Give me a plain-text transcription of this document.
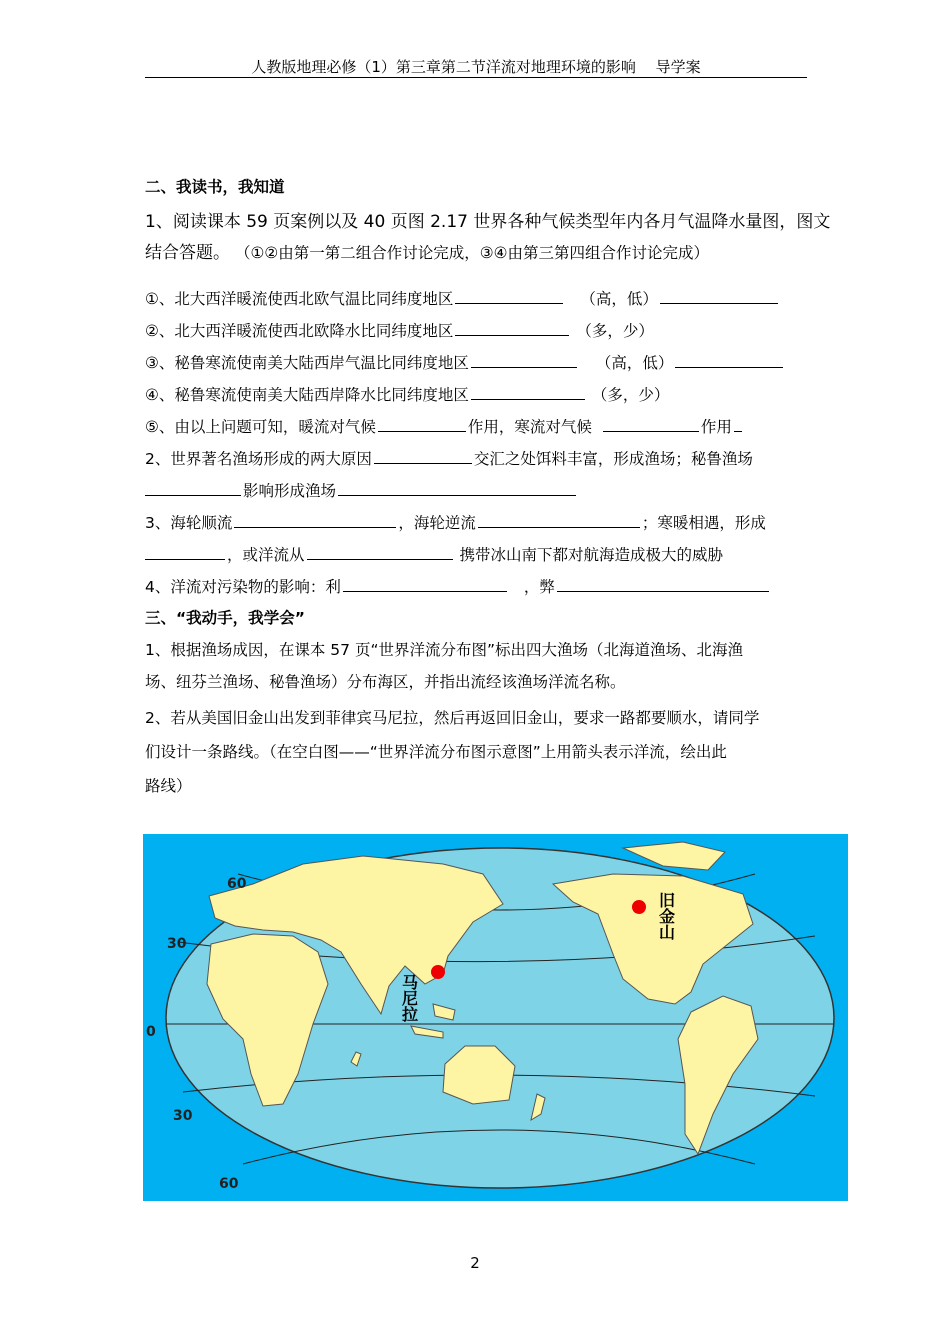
人教版地理必修（1）第三章第二节洋流对地理环境的影响　 导学案
二、我读书，我知道
1、阅读课本 59 页案例以及 40 页图 2.17 世界各种气候类型年内各月气温降水量图，图文
结合答题。 （①②由第一第二组合作讨论完成，③④由第三第四组合作讨论完成）
①、北大西洋暖流使西北欧气温比同纬度地区	（高，低）
②、北大西洋暖流使西北欧降水比同纬度地区	（多，少）
③、秘鲁寒流使南美大陆西岸气温比同纬度地区	（高，低）
④、秘鲁寒流使南美大陆西岸降水比同纬度地区	（多，少）
⑤、由以上问题可知，暖流对气候	作用，寒流对气候	作用
2、世界著名渔场形成的两大原因	交汇之处饵料丰富，形成渔场；秘鲁渔场
影响形成渔场
3、海轮顺流	，海轮逆流	；寒暖相遇，形成
，或洋流从	携带冰山南下都对航海造成极大的威胁
4、洋流对污染物的影响：利	，弊
三、“我动手，我学会”
1、根据渔场成因，在课本 57 页“世界洋流分布图”标出四大渔场（北海道渔场、北海渔
场、纽芬兰渔场、秘鲁渔场）分布海区，并指出流经该渔场洋流名称。
2、若从美国旧金山出发到菲律宾马尼拉，然后再返回旧金山，要求一路都要顺水，请同学
们设计一条路线。（在空白图——“世界洋流分布图示意图”上用箭头表示洋流，绘出此
路线）
60
30
0
30
60
马尼拉
旧金山
2
